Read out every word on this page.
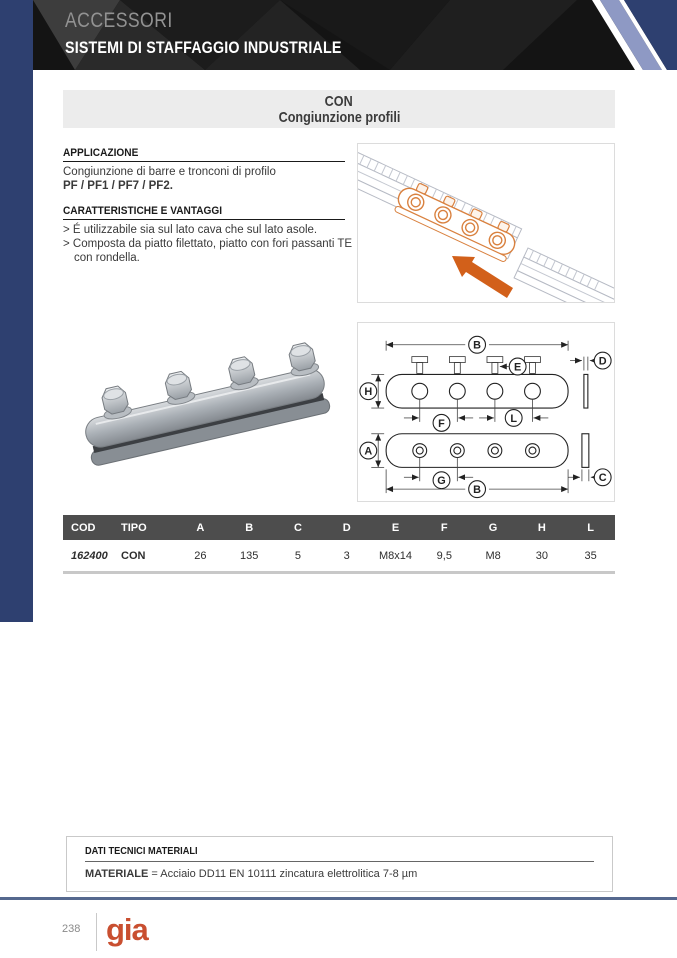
ACCESSORI
SISTEMI DI STAFFAGGIO INDUSTRIALE
CON
Congiunzione profili
APPLICAZIONE
Congiunzione di barre e tronconi di profilo
PF / PF1 / PF7 / PF2.
CARATTERISTICHE E VANTAGGI
> É utilizzabile sia sul lato cava che sul lato asole.
> Composta da piatto filettato, piatto con fori passanti TE con rondella.
B
E	D
H
F	L
A
G
B
C
COD	TIPO	A	B	C	D	E	F	G	H	L
162400	CON	26	135	5	3	M8x14	9,5	M8	30	35
DATI TECNICI MATERIALI
MATERIALE = Acciaio DD11 EN 10111 zincatura elettrolitica 7-8 µm
238 gia
